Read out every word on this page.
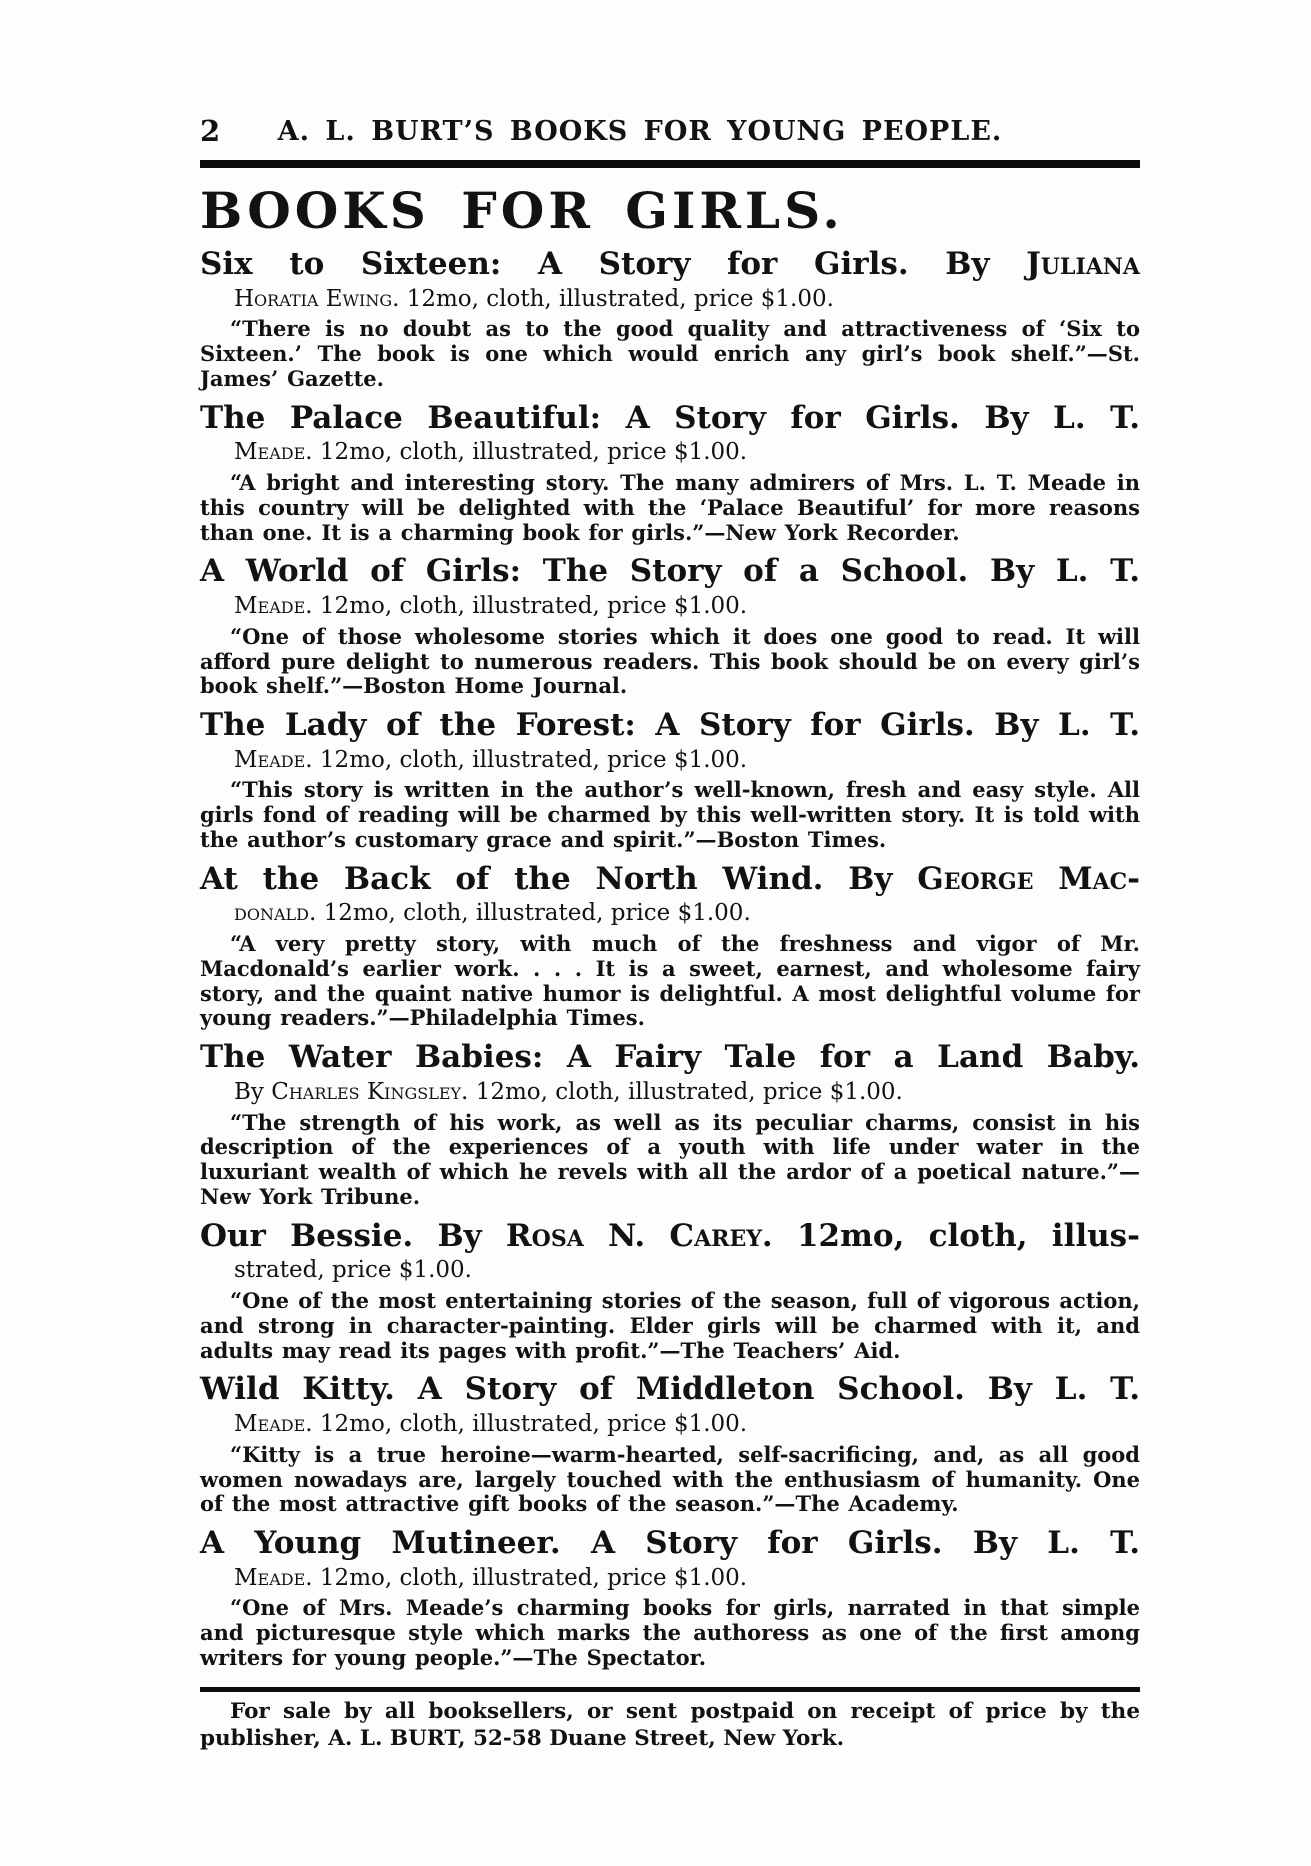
2 A. L. BURT’S BOOKS FOR YOUNG PEOPLE.
BOOKS FOR GIRLS.

Six to Sixteen: A Story for Girls. By Juliana

Horatia Ewing. 12mo, cloth, illustrated, price $1.00.

“There is no doubt as to the good quality and attractiveness of ‘Six to Sixteen.’ The book is one which would enrich any girl’s book shelf.”—St. James’ Gazette.

The Palace Beautiful: A Story for Girls. By L. T.

Meade. 12mo, cloth, illustrated, price $1.00.

“A bright and interesting story. The many admirers of Mrs. L. T. Meade in this country will be delighted with the ‘Palace Beautiful’ for more reasons than one. It is a charming book for girls.”—New York Recorder.

A World of Girls: The Story of a School. By L. T.

Meade. 12mo, cloth, illustrated, price $1.00.

“One of those wholesome stories which it does one good to read. It will afford pure delight to numerous readers. This book should be on every girl’s book shelf.”—Boston Home Journal.

The Lady of the Forest: A Story for Girls. By L. T.

Meade. 12mo, cloth, illustrated, price $1.00.

“This story is written in the author’s well-known, fresh and easy style. All girls fond of reading will be charmed by this well-written story. It is told with the author’s customary grace and spirit.”—Boston Times.

At the Back of the North Wind. By George Mac-

donald. 12mo, cloth, illustrated, price $1.00.

“A very pretty story, with much of the freshness and vigor of Mr. Macdonald’s earlier work. . . . It is a sweet, earnest, and wholesome fairy story, and the quaint native humor is delightful. A most delightful volume for young readers.”—Philadelphia Times.

The Water Babies: A Fairy Tale for a Land Baby.

By Charles Kingsley. 12mo, cloth, illustrated, price $1.00.

“The strength of his work, as well as its peculiar charms, consist in his description of the experiences of a youth with life under water in the luxuriant wealth of which he revels with all the ardor of a poetical nature.”—New York Tribune.

Our Bessie. By Rosa N. Carey. 12mo, cloth, illus-

strated, price $1.00.

“One of the most entertaining stories of the season, full of vigorous action, and strong in character-painting. Elder girls will be charmed with it, and adults may read its pages with profit.”—The Teachers’ Aid.

Wild Kitty. A Story of Middleton School. By L. T.

Meade. 12mo, cloth, illustrated, price $1.00.

“Kitty is a true heroine—warm-hearted, self-sacrificing, and, as all good women nowadays are, largely touched with the enthusiasm of humanity. One of the most attractive gift books of the season.”—The Academy.

A Young Mutineer. A Story for Girls. By L. T.

Meade. 12mo, cloth, illustrated, price $1.00.

“One of Mrs. Meade’s charming books for girls, narrated in that simple and picturesque style which marks the authoress as one of the first among writers for young people.”—The Spectator.

For sale by all booksellers, or sent postpaid on receipt of price by the publisher, A. L. BURT, 52-58 Duane Street, New York.
